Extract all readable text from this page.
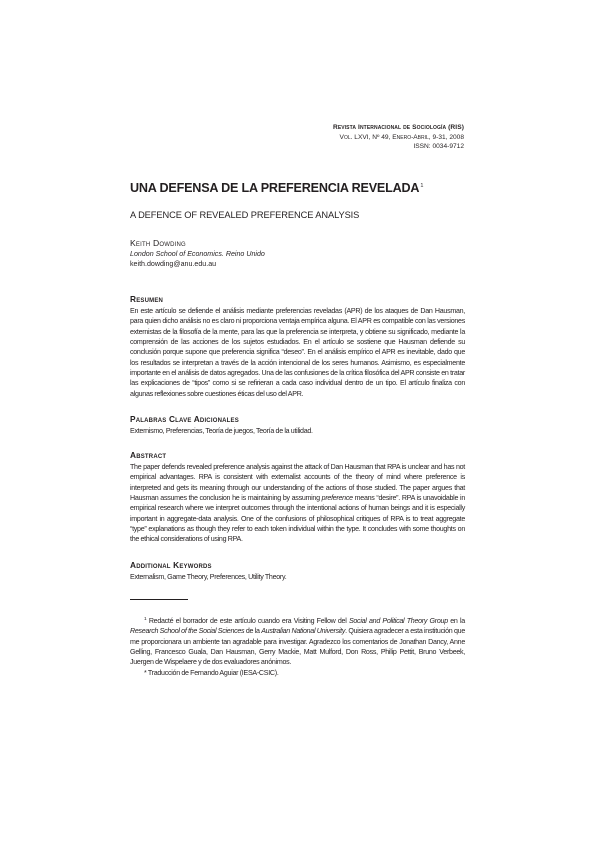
Revista Internacional de Sociología (RIS)
Vol. LXVI, Nº 49, Enero-Abril, 9-31, 2008
ISSN: 0034-9712
UNA DEFENSA DE LA PREFERENCIA REVELADA$^1$
A DEFENCE OF REVEALED PREFERENCE ANALYSIS
Keith Dowding
London School of Economics. Reino Unido
keith.dowding@anu.edu.au
Resumen
En este artículo se defiende el análisis mediante preferencias reveladas (APR) de los ataques de Dan Hausman, para quien dicho análisis no es claro ni proporciona ventaja empírica alguna. El APR es compatible con las versiones externistas de la filosofía de la mente, para las que la preferencia se interpreta, y obtiene su significado, mediante la comprensión de las acciones de los sujetos estudiados. En el artículo se sostiene que Hausman defiende su conclusión porque supone que preferencia significa “deseo”. En el análisis empírico el APR es inevitable, dado que los resultados se interpretan a través de la acción intencional de los seres humanos. Asimismo, es especialmente importante en el análisis de datos agregados. Una de las confusiones de la crítica filosófica del APR consiste en tratar las explicaciones de “tipos” como si se refirieran a cada caso individual dentro de un tipo. El artículo finaliza con algunas reflexiones sobre cuestiones éticas del uso del APR.
Palabras Clave Adicionales
Externismo, Preferencias, Teoría de juegos, Teoría de la utilidad.
Abstract
The paper defends revealed preference analysis against the attack of Dan Hausman that RPA is unclear and has not empirical advantages. RPA is consistent with externalist accounts of the theory of mind where preference is interpreted and gets its meaning through our understanding of the actions of those studied. The paper argues that Hausman assumes the conclusion he is maintaining by assuming preference means “desire”. RPA is unavoidable in empirical research where we interpret outcomes through the intentional actions of human beings and it is especially important in aggregate-data analysis. One of the confusions of philosophical critiques of RPA is to treat aggregate “type” explanations as though they refer to each token individual within the type. It concludes with some thoughts on the ethical considerations of using RPA.
Additional Keywords
Externalism, Game Theory, Preferences, Utility Theory.

$^1$ Redacté el borrador de este artículo cuando era Visiting Fellow del Social and Political Theory Group en la Research School of the Social Sciences de la Australian National University. Quisiera agradecer a esta institución que me proporcionara un ambiente tan agradable para investigar. Agradezco los comentarios de Jonathan Dancy, Anne Gelling, Francesco Guala, Dan Hausman, Gerry Mackie, Matt Mulford, Don Ross, Philip Pettit, Bruno Verbeek, Juergen de Wispelaere y de dos evaluadores anónimos.

* Traducción de Fernando Aguiar (IESA-CSIC).
